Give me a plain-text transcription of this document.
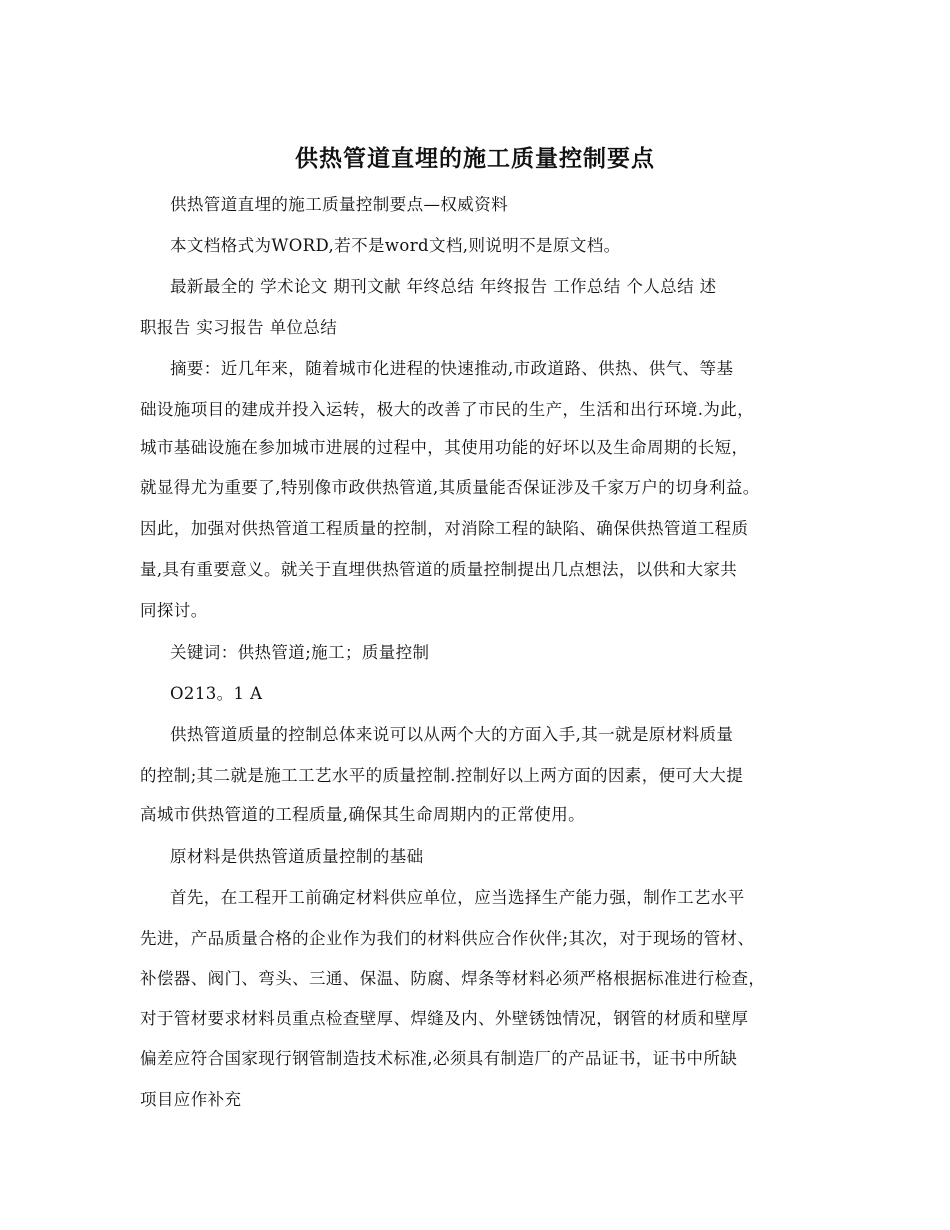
供热管道直埋的施工质量控制要点
供热管道直埋的施工质量控制要点—权威资料
本文档格式为WORD,若不是word文档,则说明不是原文档。
最新最全的 学术论文 期刊文献 年终总结 年终报告 工作总结 个人总结 述
职报告 实习报告 单位总结
摘要：近几年来，随着城市化进程的快速推动,市政道路、供热、供气、等基
础设施项目的建成并投入运转，极大的改善了市民的生产，生活和出行环境.为此，
城市基础设施在参加城市进展的过程中，其使用功能的好坏以及生命周期的长短，
就显得尤为重要了,特别像市政供热管道,其质量能否保证涉及千家万户的切身利益。
因此，加强对供热管道工程质量的控制，对消除工程的缺陷、确保供热管道工程质
量,具有重要意义。就关于直埋供热管道的质量控制提出几点想法，以供和大家共
同探讨。
关键词：供热管道;施工；质量控制
O213。1 A
供热管道质量的控制总体来说可以从两个大的方面入手,其一就是原材料质量
的控制;其二就是施工工艺水平的质量控制.控制好以上两方面的因素，便可大大提
高城市供热管道的工程质量,确保其生命周期内的正常使用。
原材料是供热管道质量控制的基础
首先，在工程开工前确定材料供应单位，应当选择生产能力强，制作工艺水平
先进，产品质量合格的企业作为我们的材料供应合作伙伴;其次，对于现场的管材、
补偿器、阀门、弯头、三通、保温、防腐、焊条等材料必须严格根据标准进行检查，
对于管材要求材料员重点检查壁厚、焊缝及内、外壁锈蚀情况，钢管的材质和壁厚
偏差应符合国家现行钢管制造技术标准,必须具有制造厂的产品证书，证书中所缺
项目应作补充
